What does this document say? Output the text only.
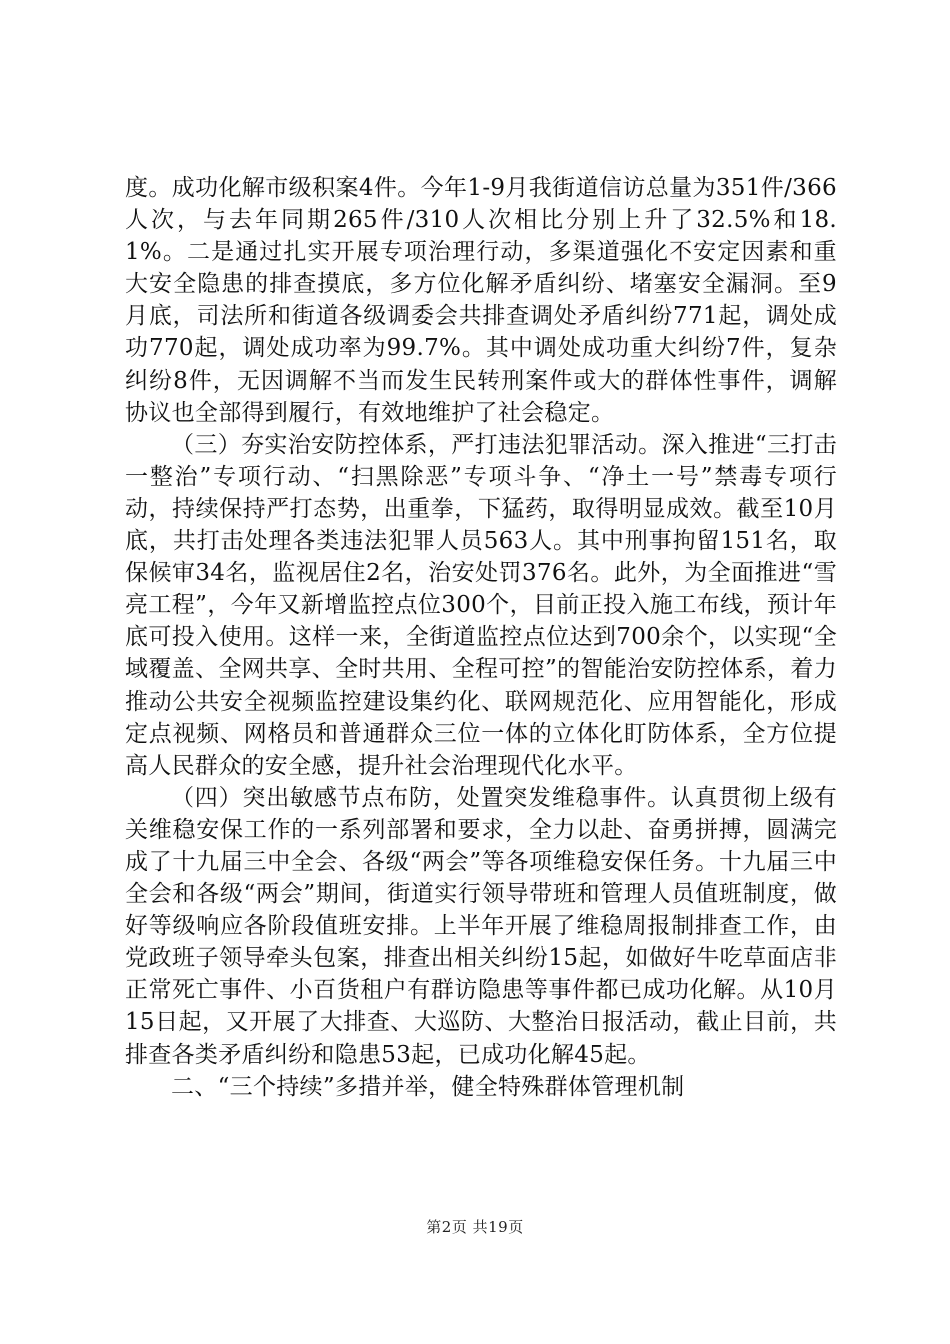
度。成功化解市级积案4件。今年1-9月我街道信访总量为351件/366人次，与去年同期265件/310人次相比分别上升了32.5%和18.1%。二是通过扎实开展专项治理行动，多渠道强化不安定因素和重大安全隐患的排查摸底，多方位化解矛盾纠纷、堵塞安全漏洞。至9月底，司法所和街道各级调委会共排查调处矛盾纠纷771起，调处成功770起，调处成功率为99.7%。其中调处成功重大纠纷7件，复杂纠纷8件，无因调解不当而发生民转刑案件或大的群体性事件，调解协议也全部得到履行，有效地维护了社会稳定。

（三）夯实治安防控体系，严打违法犯罪活动。深入推进“三打击一整治”专项行动、“扫黑除恶”专项斗争、“净土一号”禁毒专项行动，持续保持严打态势，出重拳，下猛药，取得明显成效。截至10月底，共打击处理各类违法犯罪人员563人。其中刑事拘留151名，取保候审34名，监视居住2名，治安处罚376名。此外，为全面推进“雪亮工程”，今年又新增监控点位300个，目前正投入施工布线，预计年底可投入使用。这样一来，全街道监控点位达到700余个，以实现“全域覆盖、全网共享、全时共用、全程可控”的智能治安防控体系，着力推动公共安全视频监控建设集约化、联网规范化、应用智能化，形成定点视频、网格员和普通群众三位一体的立体化盯防体系，全方位提高人民群众的安全感，提升社会治理现代化水平。

（四）突出敏感节点布防，处置突发维稳事件。认真贯彻上级有关维稳安保工作的一系列部署和要求，全力以赴、奋勇拼搏，圆满完成了十九届三中全会、各级“两会”等各项维稳安保任务。十九届三中全会和各级“两会”期间，街道实行领导带班和管理人员值班制度，做好等级响应各阶段值班安排。上半年开展了维稳周报制排查工作，由党政班子领导牵头包案，排查出相关纠纷15起，如做好牛吃草面店非正常死亡事件、小百货租户有群访隐患等事件都已成功化解。从10月15日起，又开展了大排查、大巡防、大整治日报活动，截止目前，共排查各类矛盾纠纷和隐患53起，已成功化解45起。

二、“三个持续”多措并举，健全特殊群体管理机制

第2页 共19页
